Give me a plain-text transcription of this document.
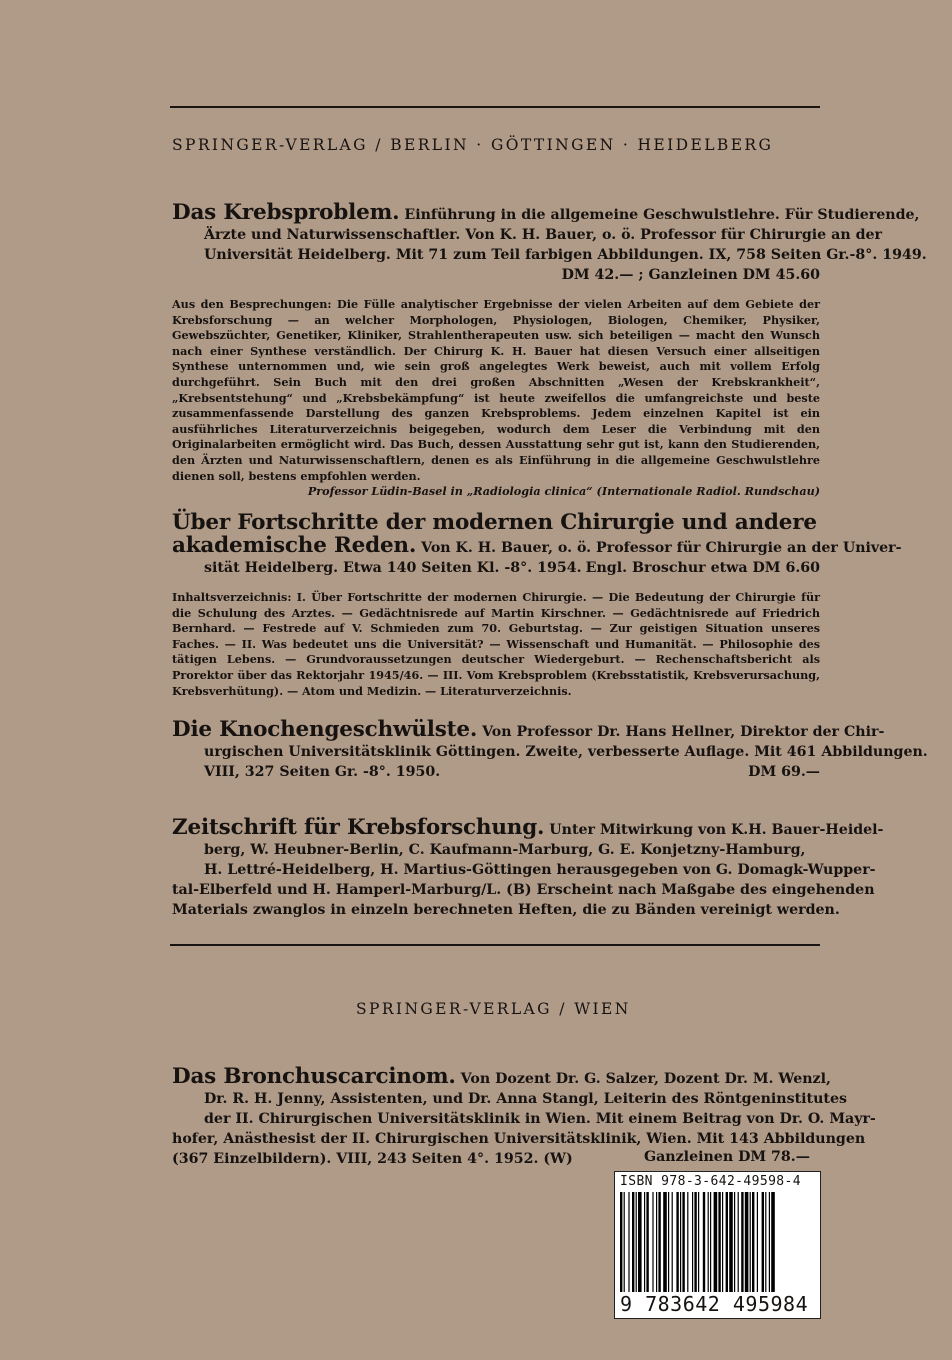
SPRINGER-VERLAG / BERLIN · GÖTTINGEN · HEIDELBERG
Das Krebsproblem. Einführung in die allgemeine Geschwulstlehre. Für Studierende,
Ärzte und Naturwissenschaftler. Von K. H. Bauer, o. ö. Professor für Chirurgie an der
Universität Heidelberg. Mit 71 zum Teil farbigen Abbildungen. IX, 758 Seiten Gr.-8°. 1949.
DM 42.— ; Ganzleinen DM 45.60

Aus den Besprechungen: Die Fülle analytischer Ergebnisse der vielen Arbeiten auf dem Gebiete der Krebsforschung — an welcher Morphologen, Physiologen, Biologen, Chemiker, Physiker, Gewebszüchter, Genetiker, Kliniker, Strahlentherapeuten usw. sich beteiligen — macht den Wunsch nach einer Synthese verständlich. Der Chirurg K. H. Bauer hat diesen Versuch einer allseitigen Synthese unternommen und, wie sein groß angelegtes Werk beweist, auch mit vollem Erfolg durchgeführt. Sein Buch mit den drei großen Abschnitten „Wesen der Krebskrankheit“, „Krebsentstehung“ und „Krebsbekämpfung“ ist heute zweifellos die umfangreichste und beste zusammenfassende Darstellung des ganzen Krebsproblems. Jedem einzelnen Kapitel ist ein ausführliches Literaturverzeichnis beigegeben, wodurch dem Leser die Verbindung mit den Originalarbeiten ermöglicht wird. Das Buch, dessen Ausstattung sehr gut ist, kann den Studierenden, den Ärzten und Naturwissenschaftlern, denen es als Einführung in die allgemeine Geschwulstlehre dienen soll, bestens empfohlen werden.

Professor Lüdin-Basel in „Radiologia clinica“ (Internationale Radiol. Rundschau)

Über Fortschritte der modernen Chirurgie und andere
akademische Reden. Von K. H. Bauer, o. ö. Professor für Chirurgie an der Univer-
sität Heidelberg. Etwa 140 Seiten Kl. -8°. 1954. Engl. Broschur etwa DM 6.60
Inhaltsverzeichnis: I. Über Fortschritte der modernen Chirurgie. — Die Bedeutung der Chirurgie für die Schulung des Arztes. — Gedächtnisrede auf Martin Kirschner. — Gedächtnisrede auf Friedrich Bernhard. — Festrede auf V. Schmieden zum 70. Geburtstag. — Zur geistigen Situation unseres Faches. — II. Was bedeutet uns die Universität? — Wissenschaft und Humanität. — Philosophie des tätigen Lebens. — Grundvoraussetzungen deutscher Wiedergeburt. — Rechenschaftsbericht als Prorektor über das Rektorjahr 1945/46. — III. Vom Krebsproblem (Krebsstatistik, Krebsverursachung, Krebsverhütung). — Atom und Medizin. — Literaturverzeichnis.
Die Knochengeschwülste. Von Professor Dr. Hans Hellner, Direktor der Chir-
urgischen Universitätsklinik Göttingen. Zweite, verbesserte Auflage. Mit 461 Abbildungen.
VIII, 327 Seiten Gr. -8°. 1950.	DM 69.—
Zeitschrift für Krebsforschung. Unter Mitwirkung von K.H. Bauer-Heidel-
berg, W. Heubner-Berlin, C. Kaufmann-Marburg, G. E. Konjetzny-Hamburg,
H. Lettré-Heidelberg, H. Martius-Göttingen herausgegeben von G. Domagk-Wupper-
tal-Elberfeld und H. Hamperl-Marburg/L. (B) Erscheint nach Maßgabe des eingehenden
Materials zwanglos in einzeln berechneten Heften, die zu Bänden vereinigt werden.
SPRINGER-VERLAG / WIEN
Das Bronchuscarcinom. Von Dozent Dr. G. Salzer, Dozent Dr. M. Wenzl,
Dr. R. H. Jenny, Assistenten, und Dr. Anna Stangl, Leiterin des Röntgeninstitutes
der II. Chirurgischen Universitätsklinik in Wien. Mit einem Beitrag von Dr. O. Mayr-
hofer, Anästhesist der II. Chirurgischen Universitätsklinik, Wien. Mit 143 Abbildungen
(367 Einzelbildern). VIII, 243 Seiten 4°. 1952. (W)	Ganzleinen DM 78.—
ISBN 978-3-642-49598-4
9 783642 495984
